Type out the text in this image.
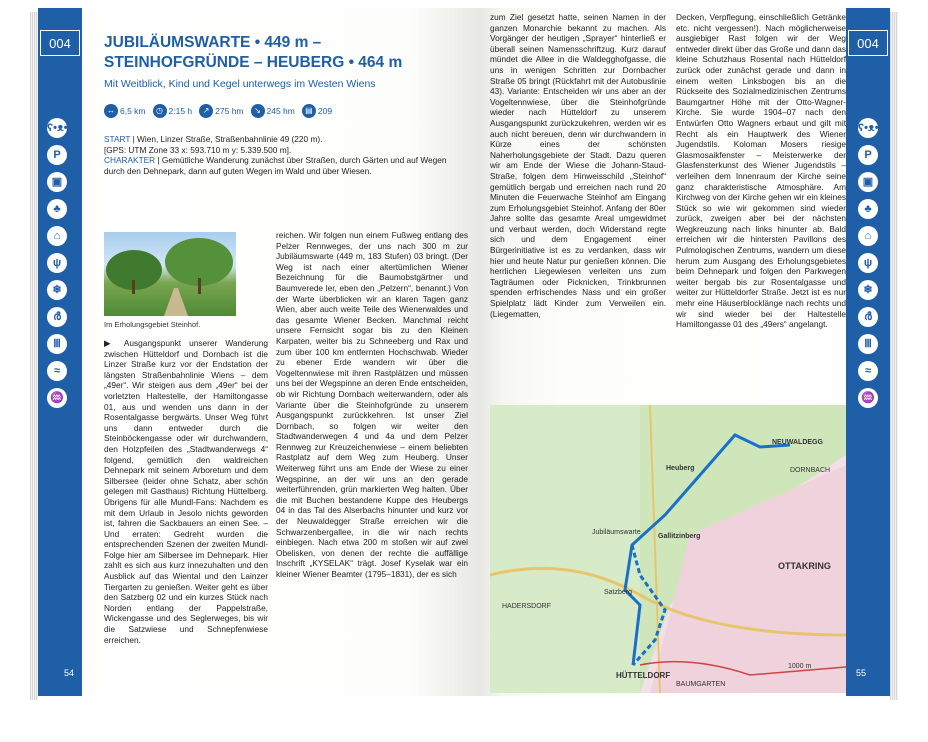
004
ʕ•ᴥ•ʔ
P
▣
♣
⌂
ψ
❄
ർ
Ⅲ
≈
♒
54
JUBILÄUMSWARTE • 449 m – STEINHOFGRÜNDE – HEUBERG • 464 m
Mit Weitblick, Kind und Kegel unterwegs im Westen Wiens
↔ 6,5 km	◷ 2:15 h	↗ 275 hm	↘ 245 hm	▤ 209
START | Wien, Linzer Straße, Straßenbahnlinie 49 (220 m).
[GPS: UTM Zone 33 x: 593.710 m y: 5.339.500 m].
CHARAKTER | Gemütliche Wanderung zunächst über Straßen, durch Gärten und auf Wegen durch den Dehnepark, dann auf guten Wegen im Wald und über Wiesen.
Im Erholungsgebiet Steinhof.
▶ Ausgangspunkt unserer Wanderung zwischen Hütteldorf und Dornbach ist die Linzer Straße kurz vor der Endstation der längsten Straßenbahnlinie Wiens – dem „49er“. Wir steigen aus dem „49er“ bei der vorletzten Haltestelle, der Hamiltongasse 01, aus und wenden uns dann in der Rosentalgasse bergwärts. Unser Weg führt uns dann entweder durch die Steinböckengasse oder wir durchwandern, den Holzpfeilen des „Stadtwanderwegs 4“ folgend, gemütlich den waldreichen Dehnepark mit seinem Arboretum und dem Silbersee (leider ohne Schatz, aber schön gelegen mit Gasthaus) Richtung Hüttelberg. Übrigens für alle Mundl-Fans: Nachdem es mit dem Urlaub in Jesolo nichts geworden ist, fahren die Sackbauers an einen See. – Und erraten: Gedreht wurden die entsprechenden Szenen der zweiten Mundl-Folge hier am Silbersee im Dehnepark. Hier zahlt es sich aus kurz innezuhalten und den Ausblick auf das Wiental und den Lainzer Tiergarten zu genießen. Weiter geht es über den Satzberg 02 und ein kurzes Stück nach Norden entlang der Pappelstraße, Wickengasse und des Seglerweges, bis wir die Satzwiese und Schnepfenwiese erreichen.
reichen. Wir folgen nun einem Fußweg entlang des Pelzer Rennweges, der uns nach 300 m zur Jubiläumswarte (449 m, 183 Stufen) 03 bringt. (Der Weg ist nach einer altertümlichen Wiener Bezeichnung für die Baumobstgärtner und Baumverede ler, eben den „Pelzern“, benannt.) Von der Warte überblicken wir an klaren Tagen ganz Wien, aber auch weite Teile des Wienerwaldes und das gesamte Wiener Becken. Manchmal reicht unsere Fernsicht sogar bis zu den Kleinen Karpaten, weiter bis zu Schneeberg und Rax und zum über 100 km entfernten Hochschwab. Wieder zu ebener Erde wandern wir über die Vogeltennwiese mit ihren Rastplätzen und müssen uns bei der Wegspinne an deren Ende entscheiden, ob wir Richtung Dornbach weiterwandern, oder als Variante über die Steinhofgründe zu unserem Ausgangspunkt zurückkehren. Ist unser Ziel Dornbach, so folgen wir weiter den Stadtwanderwegen 4 und 4a und dem Pelzer Rennweg zur Kreuzeichenwiese – einem beliebten Rastplatz auf dem Weg zum Heuberg. Unser Weiterweg führt uns am Ende der Wiese zu einer Wegspinne, an der wir uns an den gerade weiterführenden, grün markierten Weg halten. Über die mit Buchen bestandene Kuppe des Heubergs 04 in das Tal des Alserbachs hinunter und kurz vor der Neuwaldegger Straße erreichen wir die Schwarzenbergallee, in die wir nach rechts einbiegen. Nach etwa 200 m stoßen wir auf zwei Obelisken, von denen der rechte die auffällige Inschrift „KYSELAK“ trägt. Josef Kyselak war ein kleiner Wiener Beamter (1795–1831), der es sich
zum Ziel gesetzt hatte, seinen Namen in der ganzen Monarchie bekannt zu machen. Als Vorgänger der heutigen „Sprayer“ hinterließ er überall seinen Namensschriftzug. Kurz darauf mündet die Allee in die Waldegghofgasse, die uns in wenigen Schritten zur Dornbacher Straße 05 bringt (Rückfahrt mit der Autobuslinie 43). Variante: Entscheiden wir uns aber an der Vogeltennwiese, über die Steinhofgründe wieder nach Hütteldorf zu unserem Ausgangspunkt zurückzukehren, werden wir es auch nicht bereuen, denn wir durchwandern in Kürze eines der schönsten Naherholungsgebiete der Stadt. Dazu queren wir am Ende der Wiese die Johann-Staud-Straße, folgen dem Hinweisschild „Steinhof“ gemütlich bergab und erreichen nach rund 20 Minuten die Feuerwache Steinhof am Eingang zum Erholungsgebiet Steinhof. Anfang der 80er Jahre sollte das gesamte Areal umgewidmet und verbaut werden, doch Widerstand regte sich und dem Engagement einer Bürgerinitiative ist es zu verdanken, dass wir hier und heute Natur pur genießen können. Die herrlichen Liegewiesen verleiten uns zum Tagträumen oder Picknicken, Trinkbrunnen spenden erfrischendes Nass und ein großer Spielplatz lädt Kinder zum Verweilen ein. (Liegematten,
Decken, Verpflegung, einschließlich Getränke etc. nicht vergessen!). Nach möglicherweise ausgiebiger Rast folgen wir der Weg entweder direkt über das Große und dann das kleine Schutzhaus Rosental nach Hütteldorf zurück oder zunächst gerade und dann in einem weiten Linksbogen bis an die Rückseite des Sozialmedizinischen Zentrums Baumgartner Höhe mit der Otto-Wagner-Kirche. Sie wurde 1904–07 nach den Entwürfen Otto Wagners erbaut und gilt mit Recht als ein Hauptwerk des Wiener Jugendstils. Koloman Mosers riesige Glasmosaikfenster – Meisterwerke der Glasfensterkunst des Wiener Jugendstils – verleihen dem Innenraum der Kirche seine ganz charakteristische Atmosphäre. Am Kirchweg von der Kirche gehen wir ein kleines Stück so wie wir gekommen sind wieder zurück, zweigen aber bei der nächsten Wegkreuzung nach links hinunter ab. Bald erreichen wir die hintersten Pavillons des Pulmologischen Zentrums, wandern um diese herum zum Ausgang des Erholungsgebietes beim Dehnepark und folgen den Parkwegen weiter bergab bis zur Rosentalgasse und weiter zur Hütteldorfer Straße. Jetzt ist es nur mehr eine Häuserblocklänge nach rechts und wir sind wieder bei der Haltestelle Hamiltongasse 01 des „49ers“ angelangt.
NEUWALDEGG
DORNBACH
Heuberg
Gallitzinberg
Jubiläumswarte
OTTAKRING
Satzberg
HÜTTELDORF
BAUMGARTEN
HADERSDORF
1000 m
004
ʕ•ᴥ•ʔ
P
▣
♣
⌂
ψ
❄
ർ
Ⅲ
≈
♒
55
